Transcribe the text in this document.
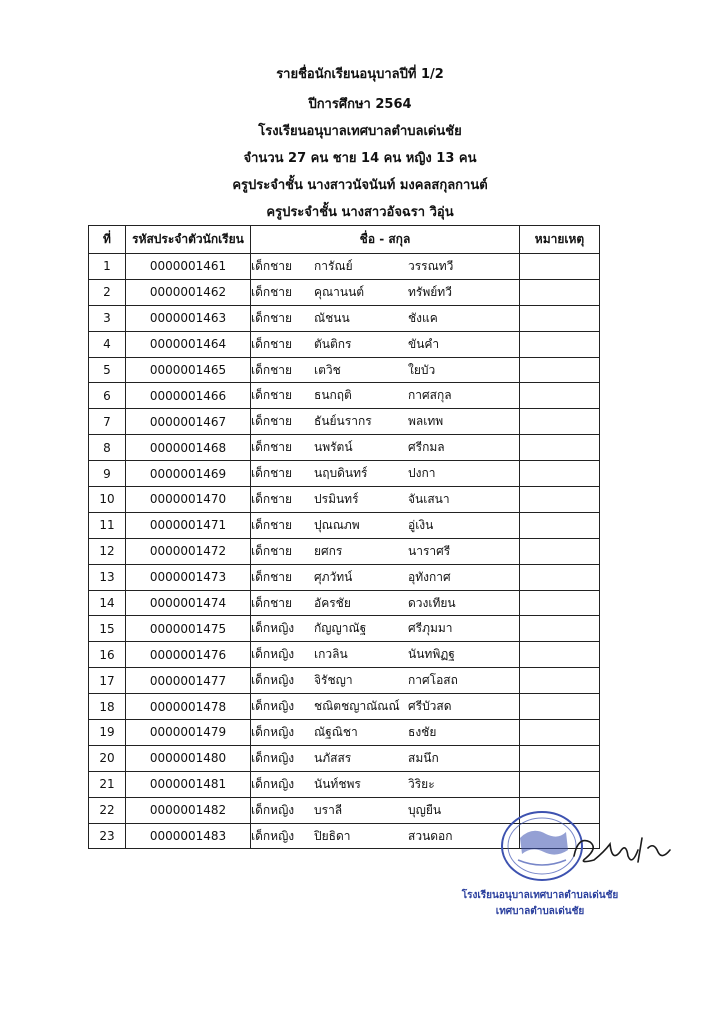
รายชื่อนักเรียนอนุบาลปีที่ 1/2
ปีการศึกษา 2564
โรงเรียนอนุบาลเทศบาลตำบลเด่นชัย
จำนวน 27 คน ชาย 14 คน หญิง 13 คน
ครูประจำชั้น นางสาวนัจนันท์ มงคลสกุลกานต์
ครูประจำชั้น นางสาวอัจฉรา วิอุ่น
ที่	รหัสประจำตัวนักเรียน	ชื่อ - สกุล	หมายเหตุ
1	0000001461	เด็กชาย การัณย์ วรรณทวี	
2	0000001462	เด็กชาย คุณานนต์ ทรัพย์ทวี	
3	0000001463	เด็กชาย ณัชนน ชังแค	
4	0000001464	เด็กชาย ตันติกร ขันคำ	
5	0000001465	เด็กชาย เตวิช ใยบัว	
6	0000001466	เด็กชาย ธนกฤติ กาศสกุล	
7	0000001467	เด็กชาย ธันย์นรากร พลเทพ	
8	0000001468	เด็กชาย นพรัตน์ ศรีกมล	
9	0000001469	เด็กชาย นฤบดินทร์ ปงกา	
10	0000001470	เด็กชาย ปรมินทร์ จันเสนา	
11	0000001471	เด็กชาย ปุณณภพ อู่เงิน	
12	0000001472	เด็กชาย ยศกร นาราศรี	
13	0000001473	เด็กชาย ศุภวัทน์ อุทังกาศ	
14	0000001474	เด็กชาย อัครชัย ดวงเทียน	
15	0000001475	เด็กหญิง กัญญาณัฐ ศรีภุมมา	
16	0000001476	เด็กหญิง เกวลิน นันทพิฏฐ	
17	0000001477	เด็กหญิง จิรัชญา กาศโอสถ	
18	0000001478	เด็กหญิง ชณิตชญาณัณณ์ ศรีบัวสด	
19	0000001479	เด็กหญิง ณัฐณิชา ธงชัย	
20	0000001480	เด็กหญิง นภัสสร สมนึก	
21	0000001481	เด็กหญิง นันท์ชพร วิริยะ	
22	0000001482	เด็กหญิง บราลี บุญยืน	
23	0000001483	เด็กหญิง ปิยธิดา สวนดอก	
โรงเรียนอนุบาลเทศบาลตำบลเด่นชัย
เทศบาลตำบลเด่นชัย
